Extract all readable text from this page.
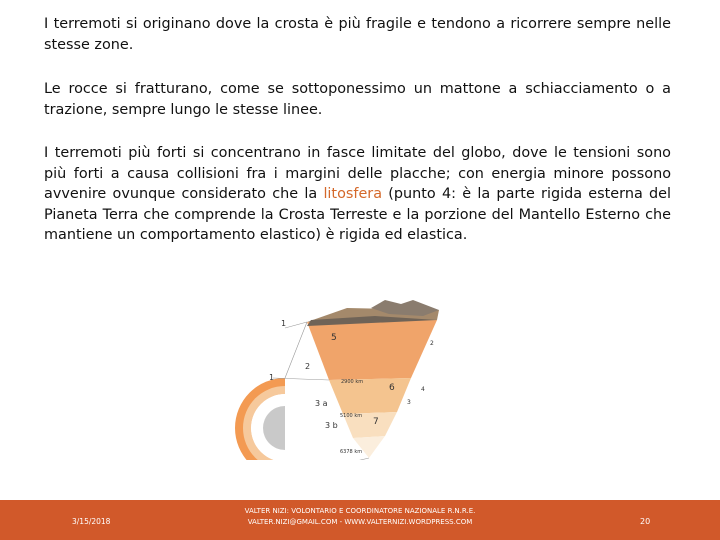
I terremoti si originano dove la crosta è più fragile e tendono a ricorrere sempre nelle stesse zone.

Le rocce si fratturano, come se sottoponessimo un mattone a schiacciamento o a trazione, sempre lungo le stesse linee.

I terremoti più forti si concentrano in fasce limitate del globo, dove le tensioni sono più forti a causa collisioni fra i margini delle placche; con energia minore possono avvenire ovunque considerato che la litosfera (punto 4: è la parte rigida esterna del Pianeta Terra che comprende la Crosta Terreste e la porzione del Mantello Esterno che mantiene un comportamento elastico) è rigida ed elastica.

1
5
2
2
1	2900 km
6	4
3
3 a
5100 km
3 b	7
6378 km
3/15/2018
VALTER NIZI: VOLONTARIO E COORDINATORE NAZIONALE R.N.R.E.
VALTER.NIZI@GMAIL.COM - WWW.VALTERNIZI.WORDPRESS.COM	20
